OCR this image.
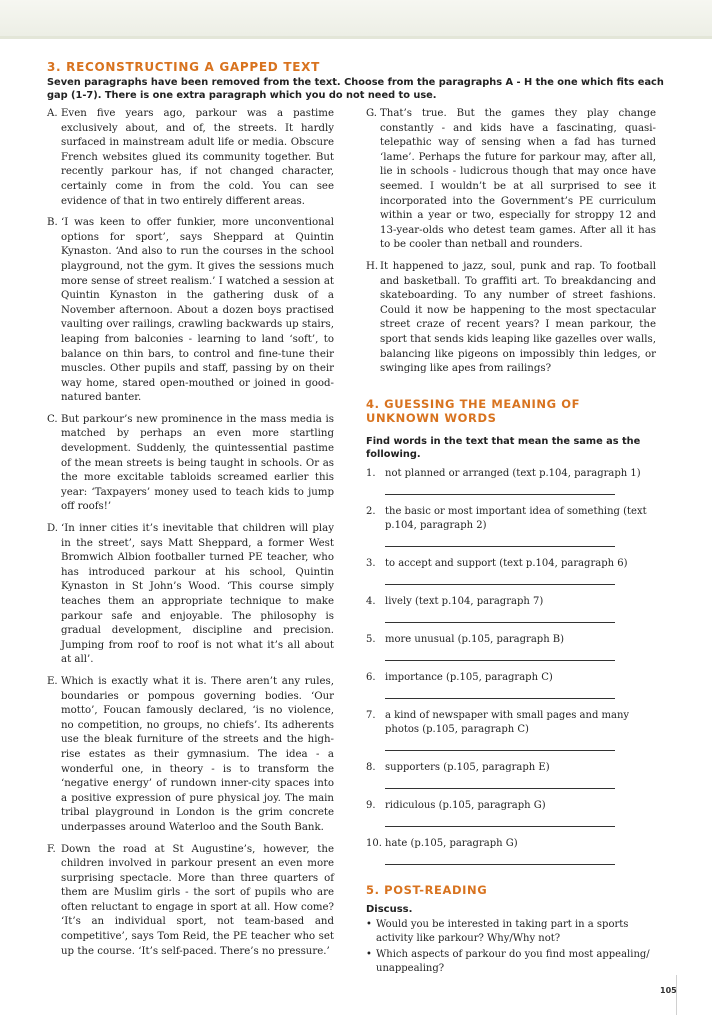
3. RECONSTRUCTING A GAPPED TEXT
Seven paragraphs have been removed from the text. Choose from the paragraphs A - H the one which fits each gap (1-7). There is one extra paragraph which you do not need to use.
A. Even five years ago, parkour was a pastime exclusively about, and of, the streets. It hardly surfaced in mainstream adult life or media. Obscure French websites glued its community together. But recently parkour has, if not changed character, certainly come in from the cold. You can see evidence of that in two entirely different areas.
B. ‘I was keen to offer funkier, more unconventional options for sport’, says Sheppard at Quintin Kynaston. ‘And also to run the courses in the school playground, not the gym. It gives the sessions much more sense of street realism.’ I watched a session at Quintin Kynaston in the gathering dusk of a November afternoon. About a dozen boys practised vaulting over railings, crawling backwards up stairs, leaping from balconies - learning to land ‘soft’, to balance on thin bars, to control and fine-tune their muscles. Other pupils and staff, passing by on their way home, stared open-mouthed or joined in good-natured banter.
C. But parkour’s new prominence in the mass media is matched by perhaps an even more startling development. Suddenly, the quintessential pastime of the mean streets is being taught in schools. Or as the more excitable tabloids screamed earlier this year: ‘Taxpayers’ money used to teach kids to jump off roofs!’
D. ‘In inner cities it’s inevitable that children will play in the street’, says Matt Sheppard, a former West Bromwich Albion footballer turned PE teacher, who has introduced parkour at his school, Quintin Kynaston in St John’s Wood. ‘This course simply teaches them an appropriate technique to make parkour safe and enjoyable. The philosophy is gradual development, discipline and precision. Jumping from roof to roof is not what it’s all about at all’.
E. Which is exactly what it is. There aren’t any rules, boundaries or pompous governing bodies. ‘Our motto’, Foucan famously declared, ‘is no violence, no competition, no groups, no chiefs’. Its adherents use the bleak furniture of the streets and the high-rise estates as their gymnasium. The idea - a wonderful one, in theory - is to transform the ‘negative energy’ of rundown inner-city spaces into a positive expression of pure physical joy. The main tribal playground in London is the grim concrete underpasses around Waterloo and the South Bank.
F. Down the road at St Augustine’s, however, the children involved in parkour present an even more surprising spectacle. More than three quarters of them are Muslim girls - the sort of pupils who are often reluctant to engage in sport at all. How come? ‘It’s an individual sport, not team-based and competitive’, says Tom Reid, the PE teacher who set up the course. ‘It’s self-paced. There’s no pressure.’
G. That’s true. But the games they play change constantly - and kids have a fascinating, quasi-telepathic way of sensing when a fad has turned ‘lame’. Perhaps the future for parkour may, after all, lie in schools - ludicrous though that may once have seemed. I wouldn’t be at all surprised to see it incorporated into the Government’s PE curriculum within a year or two, especially for stroppy 12 and 13-year-olds who detest team games. After all it has to be cooler than netball and rounders.
H. It happened to jazz, soul, punk and rap. To football and basketball. To graffiti art. To breakdancing and skateboarding. To any number of street fashions. Could it now be happening to the most spectacular street craze of recent years? I mean parkour, the sport that sends kids leaping like gazelles over walls, balancing like pigeons on impossibly thin ledges, or swinging like apes from railings?
4. GUESSING THE MEANING OF UNKNOWN WORDS
Find words in the text that mean the same as the following.
1. not planned or arranged (text p.104, paragraph 1)
2. the basic or most important idea of something (text p.104, paragraph 2)
3. to accept and support (text p.104, paragraph 6)
4. lively (text p.104, paragraph 7)
5. more unusual (p.105, paragraph B)
6. importance (p.105, paragraph C)
7. a kind of newspaper with small pages and many photos (p.105, paragraph C)
8. supporters (p.105, paragraph E)
9. ridiculous (p.105, paragraph G)
10. hate (p.105, paragraph G)
5. POST-READING
Discuss.
• Would you be interested in taking part in a sports activity like parkour? Why/Why not?
• Which aspects of parkour do you find most appealing/ unappealing?
105
